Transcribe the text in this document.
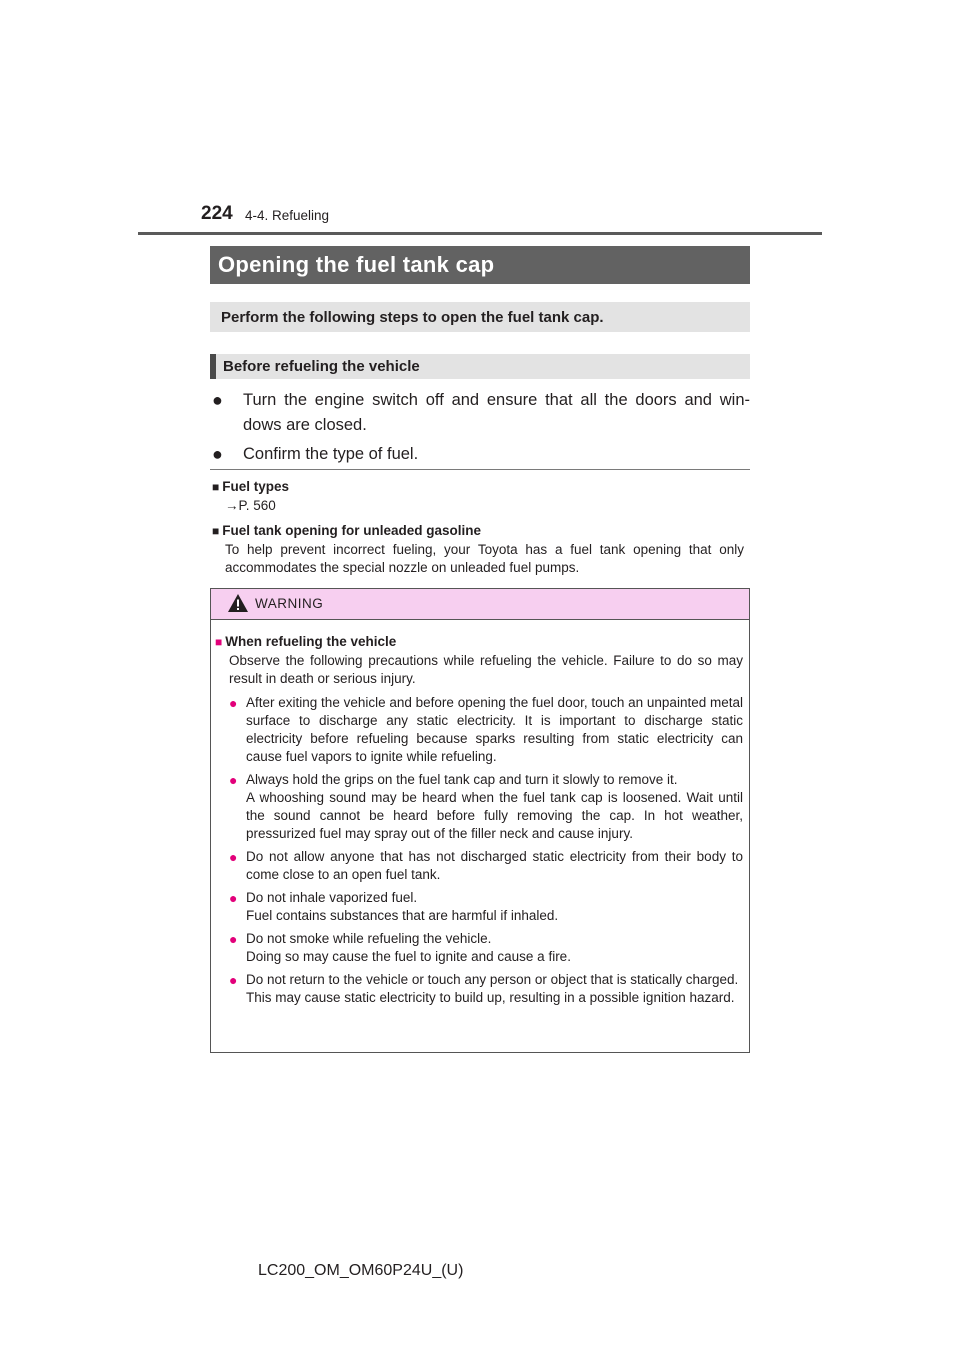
224 4-4. Refueling
Opening the fuel tank cap
Perform the following steps to open the fuel tank cap.
Before refueling the vehicle
● Turn the engine switch off and ensure that all the doors and win-dows are closed.
● Confirm the type of fuel.
■ Fuel types
→P. 560
■ Fuel tank opening for unleaded gasoline
To help prevent incorrect fueling, your Toyota has a fuel tank opening that only accommodates the special nozzle on unleaded fuel pumps.
WARNING
■ When refueling the vehicle
Observe the following precautions while refueling the vehicle. Failure to do so may result in death or serious injury.
● After exiting the vehicle and before opening the fuel door, touch an unpainted metal surface to discharge any static electricity. It is important to discharge static electricity before refueling because sparks resulting from static electricity can cause fuel vapors to ignite while refueling.
● Always hold the grips on the fuel tank cap and turn it slowly to remove it.
A whooshing sound may be heard when the fuel tank cap is loosened. Wait until the sound cannot be heard before fully removing the cap. In hot weather, pressurized fuel may spray out of the filler neck and cause injury.
● Do not allow anyone that has not discharged static electricity from their body to come close to an open fuel tank.
● Do not inhale vaporized fuel.
Fuel contains substances that are harmful if inhaled.
● Do not smoke while refueling the vehicle.
Doing so may cause the fuel to ignite and cause a fire.
● Do not return to the vehicle or touch any person or object that is statically charged.
This may cause static electricity to build up, resulting in a possible ignition hazard.
LC200_OM_OM60P24U_(U)
